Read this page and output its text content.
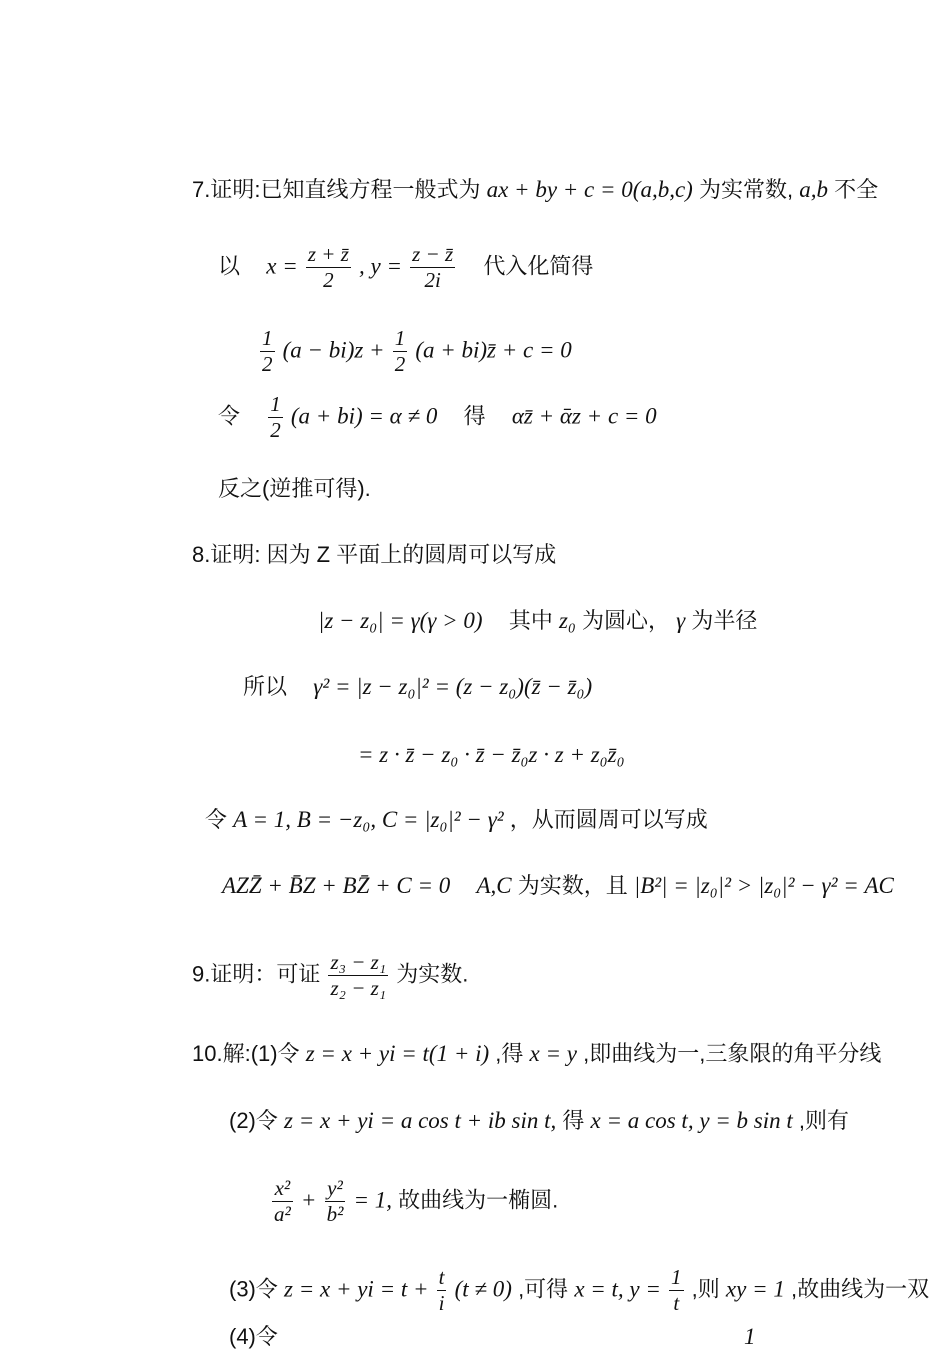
7.证明:已知直线方程一般式为 ax + by + c = 0(a,b,c) 为实常数, a,b 不全
以 $x = \frac{z + z̄}{2}$ , $y = \frac{z - z̄}{2i}$ 代入化简得
$\frac{1}{2} (a - bi)z + \frac{1}{2} (a$ + bi)z̄ + c = 0
令 $\frac{1}{2} (a + bi) = \alpha \ne 0$ 得 αz̄ + ᾱz + c = 0
反之(逆推可得).
8.证明: 因为 Z 平面上的圆周可以写成
|z − z₀| = γ(γ > 0) 其中 z₀ 为圆心， γ 为半径
所以 γ² = |z − z₀|² = (z − z₀)(z̄ − z̄₀)
= z · z̄ − z₀ · z̄ − z̄₀z · z + z₀z̄₀
令 A = 1, B = −z₀, C = |z₀|² − γ² ，从而圆周可以写成
AZZ̄ + B̄Z + BZ̄ + C = 0 A,C 为实数，且 |B²| = |z₀|² > |z₀|² − γ² = AC
9.证明：可证 $\frac{\text{z₃ − z₁}}{\text{z₂ − z₁}}$ 为实数.
10.解:(1)令 z = x + yi = t(1 + i) ,得 x = y ,即曲线为一,三象限的角平分线
(2)令 z = x + yi = a cos t + ib sin t, 得 x = a cos t, y = b sin t ,则有
$\frac{\text{x²}}{\text{a²}} + \frac{\text{y²}}{\text{b²}} = 1$, 故曲线为一椭圆.
(3)令 z = x + yi = $t + \frac{t}{i} (t \ne 0)$ ,可得 x = t, $y = \frac{1}{t}$ ,则 xy = 1 ,故曲线为一双
(4)令	1
